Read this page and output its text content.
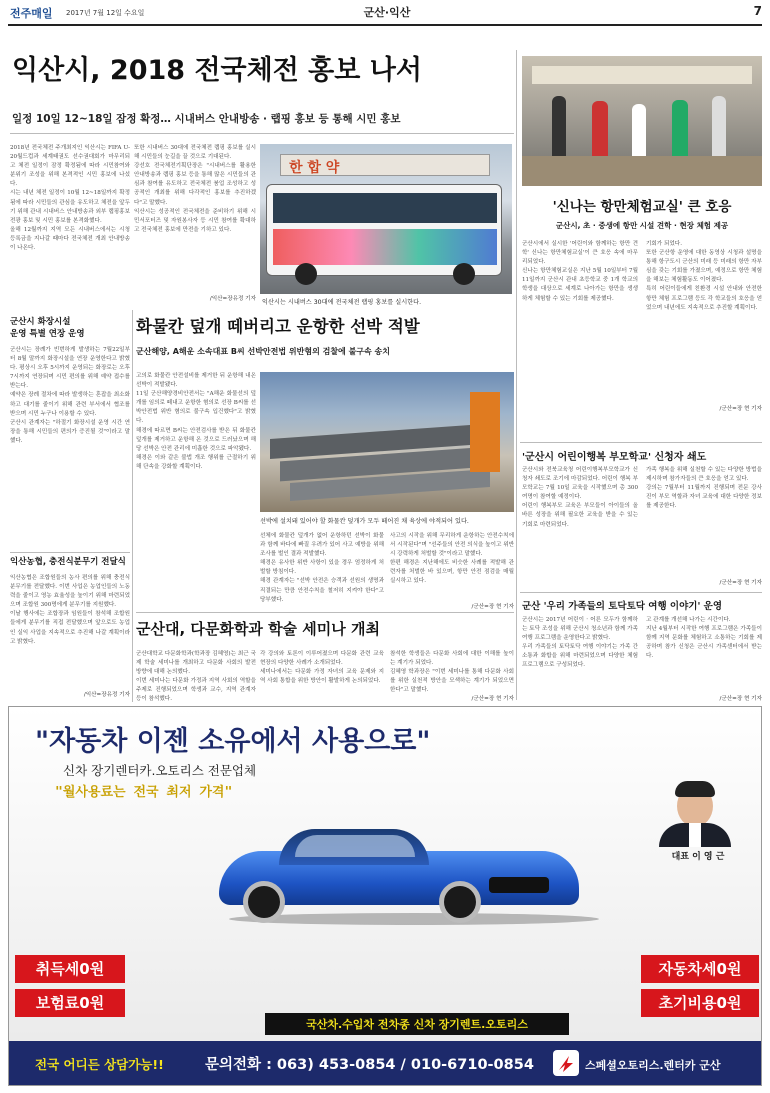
전주매일 2017년 7월 12일 수요일	군산·익산	7
익산시, 2018 전국체전 홍보 나서
일정 10일 12~18일 잠정 확정… 시내버스 안내방송 · 랩핑 홍보 등 통해 시민 홍보
2018년 전국체전 주개최지인 익산시는 FIFA U-20월드컵과 세계태권도 선수권대회가 마무리되고 체전 일정이 잠정 확정됨에 따라 시민참여와 분위기 조성을 위해 본격적인 시민 홍보에 나섰다.
시는 내년 체전 일정이 10월 12~18일까지 확정됨에 따라 시민들의 관심을 유도하고 체전을 앞두기 위해 관내 시내버스 안내방송과 외부 랩핑홍보 전광 홍보 및 시민 홍보를 본격화했다.
올해 12월까지 지역 모든 시내버스에서는 시청 등록금을 지나갈 때마다 전국체전 개최 안내방송이 나온다.
또한 시내버스 30대에 전국체전 랩핑 홍보를 실시해 시민들의 눈길을 끌 것으로 기대된다.
강선호 전국체전기획단장은 "시내버스를 활용한 안내방송과 랩핑 홍보 등을 통해 많은 시민들의 관심과 참여를 유도하고 전국체전 붐업 조성하고 성공적인 개최를 위해 다각적인 홍보를 추진하겠다"고 말했다.
익산시는 성공적인 전국체전을 준비하기 위해 시민서포터즈 및 자원봉사자 등 시민 참여를 확대하고 전국체전 홍보에 만전을 기하고 있다.
/익산=장유정 기자
한 합 약
익산시는 시내버스 30대에 전국체전 랩핑 홍보를 실시한다.
'신나는 항만체험교실' 큰 호응
군산시, 초 · 중생에 항만 시설 견학 · 현장 체험 제공
군산시에서 실시한 '어린이와 함께하는 항만 견학' 신나는 항만체험교실'이 큰 호응 속에 마무리되었다.
신나는 항만체험교실은 지난 5월 10일부터 7월 11일까지 군산시 관내 초등학교 중 1개 학교의 학생을 대상으로 세계로 나아가는 항만을 생생하게 체험할 수 있는 기회를 제공했다.
기회가 되었다.
또한 군산항 운영에 대한 동영상 시청과 설명을 통해 항구도시 군산의 미래 등 미래의 항만 자부심을 갖는 기회를 가졌으며, 예정으로 항만 체험을 해보는 체험활동도 이어졌다.
특히 어린이들에게 친환경 시설 안내와 안전한 항만 체험 프로그램 등도 각 학교들의 호응을 얻었으며 내년에도 지속적으로 추진할 계획이다.
/군산=장 현 기자
군산시 화장시설
운영 특별 연장 운영
군산시는 장례가 빈번하게 발생하는 7월22일부터 8월 말까지 화장시설을 연장 운영한다고 밝혔다. 평상시 오후 5시까지 운영되는 화장로는 오후 7시까지 연장되며 시민 편의를 위해 예약 접수를 받는다.
예약은 장례 절차에 따라 발생하는 혼잡을 최소화하고 대기를 줄이기 위해 관련 부서에서 협조를 받으며 시민 누구나 이용할 수 있다.
군산시 관계자는 "하절기 화장시설 운영 시간 연장을 통해 시민들의 편의가 증진될 것"이라고 말했다.
익산농협, 충전식분무기 전달식
익산농협은 조합원들의 농사 편의를 위해 충전식 분무기를 전달했다. 이번 사업은 농업인들의 노동력을 줄이고 영농 효율성을 높이기 위해 마련되었으며 조합원 300명에게 분무기를 지원했다.
이날 행사에는 조합장과 임원들이 참석해 조합원들에게 분무기를 직접 전달했으며 앞으로도 농업인 실익 사업을 지속적으로 추진해 나갈 계획이라고 밝혔다.
/익산=장유정 기자
화물칸 덮개 떼버리고 운항한 선박 적발
군산해양, A해운 소속대표 B씨 선박안전법 위반혐의 검찰에 불구속 송치
고의로 화물칸 안전설비를 제거한 뒤 운항해 내온 선박이 적발됐다.
11일 군산해양경비안전서는 "A해운 화물선의 덮개를 임의로 떼내고 운항한 혐의로 선장 B씨를 선박안전법 위반 혐의로 불구속 입건했다"고 밝혔다.
해경에 따르면 B씨는 안전검사를 받은 뒤 화물칸 덮개를 제거하고 운항해 온 것으로 드러났으며 해당 선박은 안전 관리에 미흡한 것으로 파악됐다.
해경은 이와 같은 불법 개조 행위를 근절하기 위해 단속을 강화할 계획이다.
선박에 설치돼 있어야 할 화물칸 덮개가 모두 떼어진 채 육상에 야적되어 있다.
선체에 화물칸 덮개가 없어 운항하던 선박이 화물과 함께 바다에 빠질 우려가 있어 사고 예방을 위해 조사를 벌인 결과 적발했다.
해경은 유사한 위반 사항이 있을 경우 엄정하게 처벌할 방침이다.
해경 관계자는 "선박 안전은 승객과 선원의 생명과 직결되는 만큼 안전수칙을 철저히 지켜야 한다"고 당부했다.
사고의 시작을 위해 무리하게 운항하는 안전수칙에서 시작된다"며 "선주들의 안전 의식을 높이고 위반 시 강력하게 처벌할 것"이라고 말했다.
한편 해경은 지난해에도 비슷한 사례를 적발해 관련자를 처벌한 바 있으며, 항만 안전 점검을 매월 실시하고 있다.
/군산=장 현 기자
군산대, 다문화학과 학술 세미나 개최
군산대학교 다문화학과(학과장 김혜영)는 최근 국제 학술 세미나를 개최하고 다문화 사회의 발전 방향에 대해 논의했다.
이번 세미나는 다문화 가정과 지역 사회의 역할을 주제로 진행되었으며 학생과 교수, 지역 관계자 등이 참석했다.
각 강의와 토론이 이루어졌으며 다문화 관련 교육 현장의 다양한 사례가 소개되었다.
세미나에서는 다문화 가정 자녀의 교육 문제와 지역 사회 통합을 위한 방안이 활발하게 논의되었다.
참석한 학생들은 다문화 사회에 대한 이해를 높이는 계기가 되었다.
김혜영 학과장은 "이번 세미나를 통해 다문화 사회를 위한 실천적 방안을 모색하는 계기가 되었으면 한다"고 말했다.
/군산=장 현 기자
'군산시 어린이행복 부모학교' 신청자 쇄도
군산시와 전북교육청 어린이행복부모학교가 신청자 쇄도로 조기에 마감되었다. 어린이 행복 부모학교는 7월 10일 교육을 시작했으며 총 300여명이 참여할 예정이다.
어린이 행복부모 교육은 부모들이 아이들의 올바른 성장을 위해 필요한 교육을 받을 수 있는 기회로 마련되었다.
가족 행복을 위해 실천할 수 있는 다양한 방법을 제시하며 참가자들의 큰 호응을 얻고 있다.
강의는 7월부터 11월까지 진행되며 전문 강사진이 부모 역할과 자녀 교육에 대한 다양한 정보를 제공한다.
/군산=장 현 기자
군산 '우리 가족들의 토닥토닥 여행 이야기' 운영
군산시는 2017년 어린이 · 어른 모두가 함께하는 토닥 조성을 위해 군산시 청소년과 함께 가족 여행 프로그램을 운영한다고 밝혔다.
우리 가족들의 토닥토닥 여행 이야기는 가족 간 소통과 화합을 위해 마련되었으며 다양한 체험 프로그램으로 구성되었다.
고 관계를 개선해 나가는 시간이다.
지난 4월부터 시작한 여행 프로그램은 가족들이 함께 지역 문화를 체험하고 소통하는 기회를 제공하며 참가 신청은 군산시 가족센터에서 받는다.
/군산=장 현 기자
"자동차 이젠 소유에서 사용으로"
신차 장기렌터카.오토리스 전문업체
"월사용료는 전국 최저 가격"
대표 이 영 근
취득세0원
보험료0원
자동차세0원
초기비용0원
국산차.수입차 전차종 신차 장기렌트.오토리스
전국 어디든 상담가능!!	문의전화 : 063) 453-0854 / 010-6710-0854	스페셜오토리스.렌터카 군산
